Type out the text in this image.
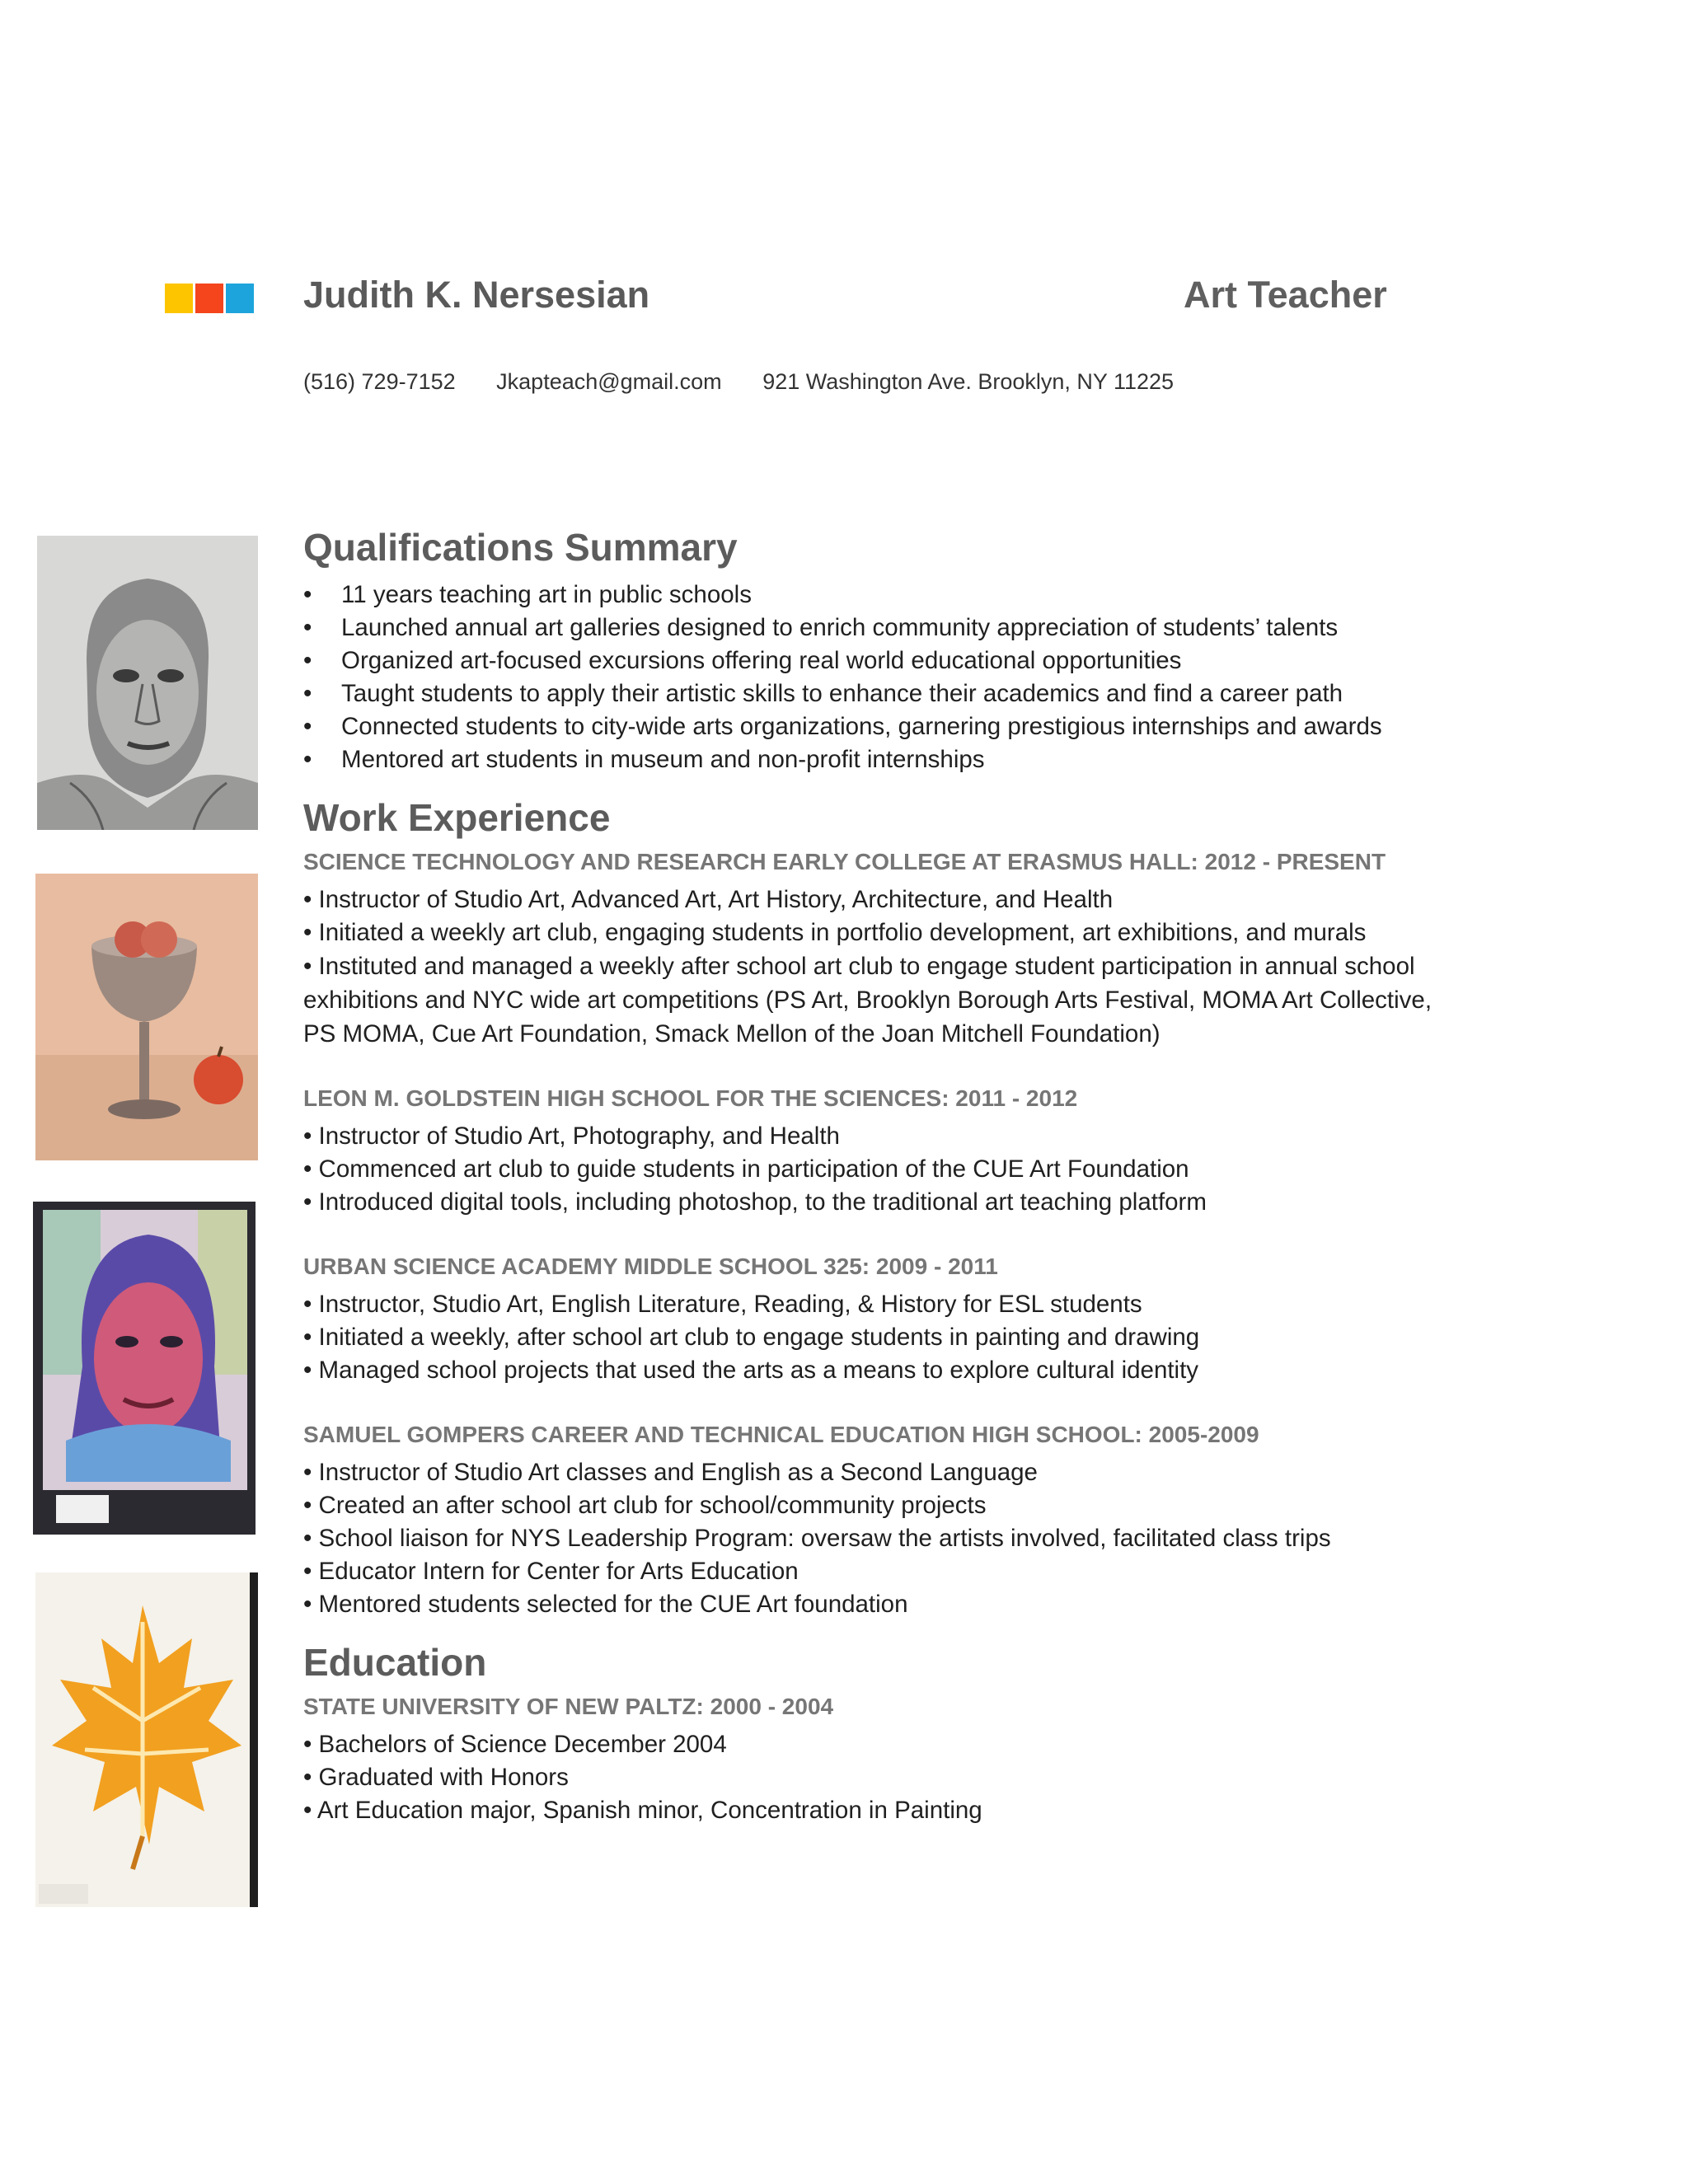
Judith K. Nersesian	Art Teacher
(516) 729-7152 Jkapteach@gmail.com 921 Washington Ave. Brooklyn, NY 11225
Qualifications Summary
• 11 years teaching art in public schools
• Launched annual art galleries designed to enrich community appreciation of students’ talents
• Organized art-focused excursions offering real world educational opportunities
• Taught students to apply their artistic skills to enhance their academics and find a career path
• Connected students to city-wide arts organizations, garnering prestigious internships and awards
• Mentored art students in museum and non-profit internships
Work Experience
SCIENCE TECHNOLOGY AND RESEARCH EARLY COLLEGE AT ERASMUS HALL: 2012 - PRESENT
• Instructor of Studio Art, Advanced Art, Art History, Architecture, and Health
• Initiated a weekly art club, engaging students in portfolio development, art exhibitions, and murals
• Instituted and managed a weekly after school art club to engage student participation in annual school exhibitions and NYC wide art competitions (PS Art, Brooklyn Borough Arts Festival, MOMA Art Collective, PS MOMA, Cue Art Foundation, Smack Mellon of the Joan Mitchell Foundation)
LEON M. GOLDSTEIN HIGH SCHOOL FOR THE SCIENCES: 2011 - 2012
• Instructor of Studio Art, Photography, and Health
• Commenced art club to guide students in participation of the CUE Art Foundation
• Introduced digital tools, including photoshop, to the traditional art teaching platform
URBAN SCIENCE ACADEMY MIDDLE SCHOOL 325: 2009 - 2011
• Instructor, Studio Art, English Literature, Reading, & History for ESL students
• Initiated a weekly, after school art club to engage students in painting and drawing
• Managed school projects that used the arts as a means to explore cultural identity
SAMUEL GOMPERS CAREER AND TECHNICAL EDUCATION HIGH SCHOOL: 2005-2009
• Instructor of Studio Art classes and English as a Second Language
• Created an after school art club for school/community projects
• School liaison for NYS Leadership Program: oversaw the artists involved, facilitated class trips
• Educator Intern for Center for Arts Education
• Mentored students selected for the CUE Art foundation
Education
STATE UNIVERSITY OF NEW PALTZ: 2000 - 2004
• Bachelors of Science December 2004
• Graduated with Honors
• Art Education major, Spanish minor, Concentration in Painting
